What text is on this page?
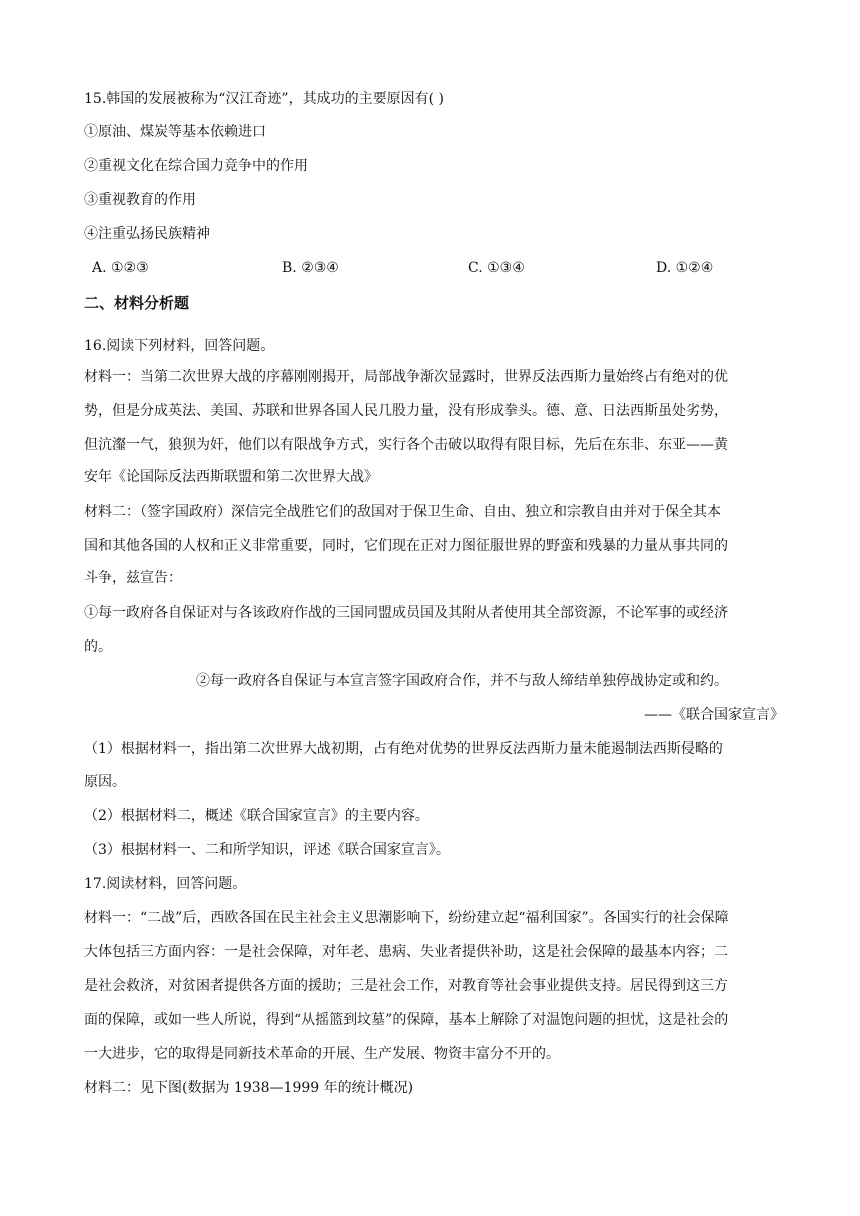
15.韩国的发展被称为“汉江奇迹”，其成功的主要原因有( )
①原油、煤炭等基本依赖进口
②重视文化在综合国力竞争中的作用
③重视教育的作用
④注重弘扬民族精神
A. ①②③	B. ②③④	C. ①③④	D. ①②④
二、材料分析题
16.阅读下列材料，回答问题。
材料一：当第二次世界大战的序幕刚刚揭开，局部战争渐次显露时，世界反法西斯力量始终占有绝对的优
势，但是分成英法、美国、苏联和世界各国人民几股力量，没有形成拳头。德、意、日法西斯虽处劣势，
但沆瀣一气，狼狈为奸，他们以有限战争方式，实行各个击破以取得有限目标，先后在东非、东亚——黄
安年《论国际反法西斯联盟和第二次世界大战》
材料二：（签字国政府）深信完全战胜它们的敌国对于保卫生命、自由、独立和宗教自由并对于保全其本
国和其他各国的人权和正义非常重要，同时，它们现在正对力图征服世界的野蛮和残暴的力量从事共同的
斗争，兹宣告：
①每一政府各自保证对与各该政府作战的三国同盟成员国及其附从者使用其全部资源，不论军事的或经济
的。
②每一政府各自保证与本宣言签字国政府合作，并不与敌人缔结单独停战协定或和约。
——《联合国家宣言》
（1）根据材料一，指出第二次世界大战初期，占有绝对优势的世界反法西斯力量未能遏制法西斯侵略的
原因。
（2）根据材料二，概述《联合国家宣言》的主要内容。
（3）根据材料一、二和所学知识，评述《联合国家宣言》。
17.阅读材料，回答问题。
材料一：“二战”后，西欧各国在民主社会主义思潮影响下，纷纷建立起“福利国家”。各国实行的社会保障
大体包括三方面内容：一是社会保障，对年老、患病、失业者提供补助，这是社会保障的最基本内容；二
是社会救济，对贫困者提供各方面的援助；三是社会工作，对教育等社会事业提供支持。居民得到这三方
面的保障，或如一些人所说，得到“从摇篮到坟墓”的保障，基本上解除了对温饱问题的担忧，这是社会的
一大进步，它的取得是同新技术革命的开展、生产发展、物资丰富分不开的。
材料二：见下图(数据为 1938—1999 年的统计概况)
